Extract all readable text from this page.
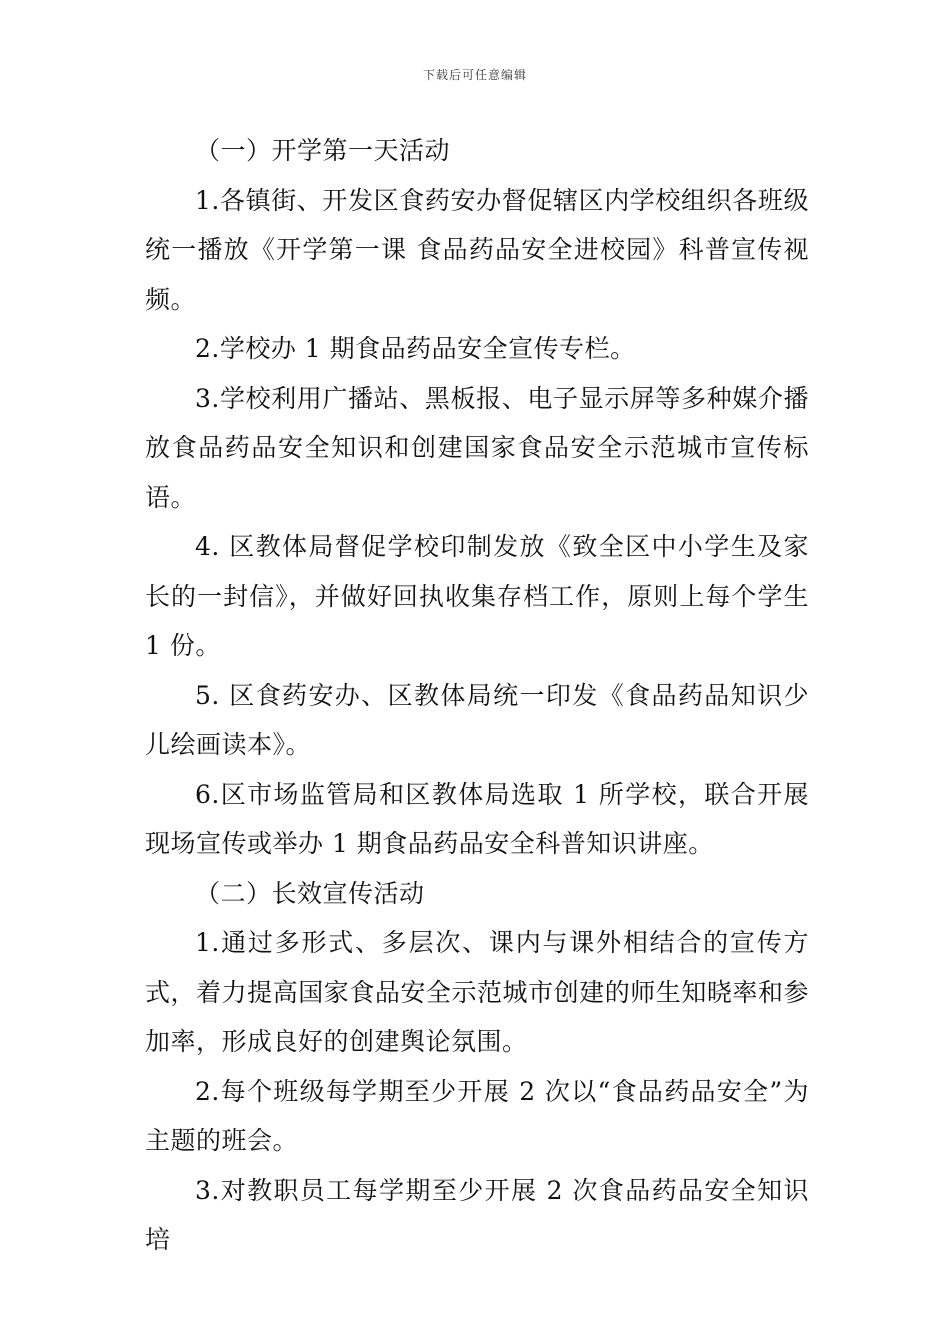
下载后可任意编辑

（一）开学第一天活动

1.各镇街、开发区食药安办督促辖区内学校组织各班级统一播放《开学第一课 食品药品安全进校园》科普宣传视频。

2.学校办 1 期食品药品安全宣传专栏。

3.学校利用广播站、黑板报、电子显示屏等多种媒介播放食品药品安全知识和创建国家食品安全示范城市宣传标语。

4. 区教体局督促学校印制发放《致全区中小学生及家长的一封信》，并做好回执收集存档工作，原则上每个学生 1 份。

5. 区食药安办、区教体局统一印发《食品药品知识少儿绘画读本》。

6.区市场监管局和区教体局选取 1 所学校，联合开展现场宣传或举办 1 期食品药品安全科普知识讲座。

（二）长效宣传活动

1.通过多形式、多层次、课内与课外相结合的宣传方式，着力提高国家食品安全示范城市创建的师生知晓率和参加率，形成良好的创建舆论氛围。

2.每个班级每学期至少开展 2 次以“食品药品安全”为主题的班会。

3.对教职员工每学期至少开展 2 次食品药品安全知识培
